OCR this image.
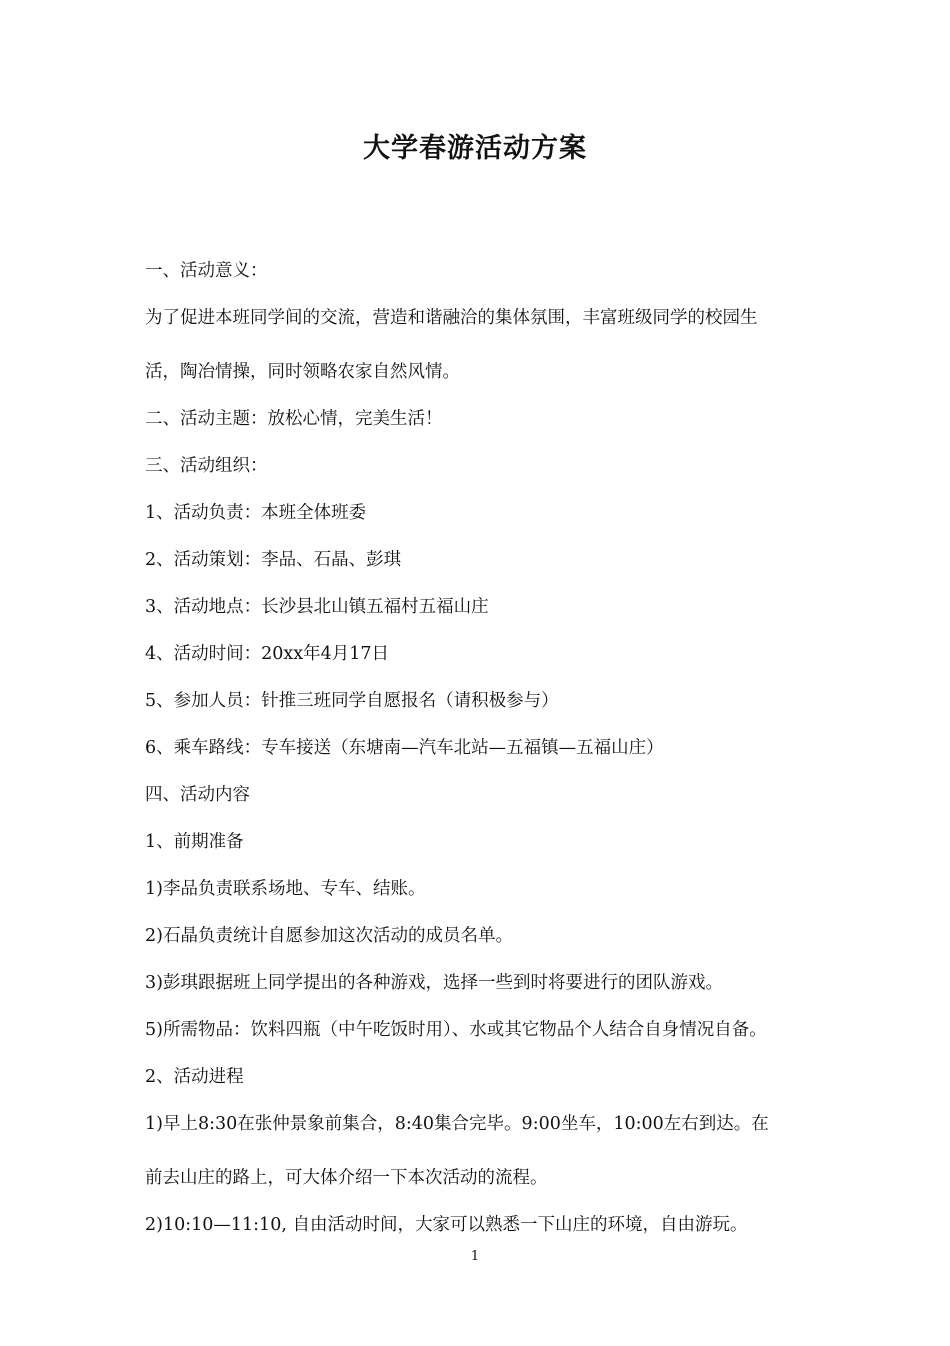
大学春游活动方案
一、活动意义：
为了促进本班同学间的交流，营造和谐融洽的集体氛围，丰富班级同学的校园生
活，陶冶情操，同时领略农家自然风情。
二、活动主题：放松心情，完美生活！
三、活动组织：
1、活动负责：本班全体班委
2、活动策划：李品、石晶、彭琪
3、活动地点：长沙县北山镇五福村五福山庄
4、活动时间：20xx年4月17日
5、参加人员：针推三班同学自愿报名（请积极参与）
6、乘车路线：专车接送（东塘南—汽车北站—五福镇—五福山庄）
四、活动内容
1、前期准备
1)李品负责联系场地、专车、结账。
2)石晶负责统计自愿参加这次活动的成员名单。
3)彭琪跟据班上同学提出的各种游戏，选择一些到时将要进行的团队游戏。
5)所需物品：饮料四瓶（中午吃饭时用）、水或其它物品个人结合自身情况自备。
2、活动进程
1)早上8:30在张仲景象前集合，8:40集合完毕。9:00坐车，10:00左右到达。在
前去山庄的路上，可大体介绍一下本次活动的流程。
2)10:10—11:10, 自由活动时间，大家可以熟悉一下山庄的环境，自由游玩。
1
